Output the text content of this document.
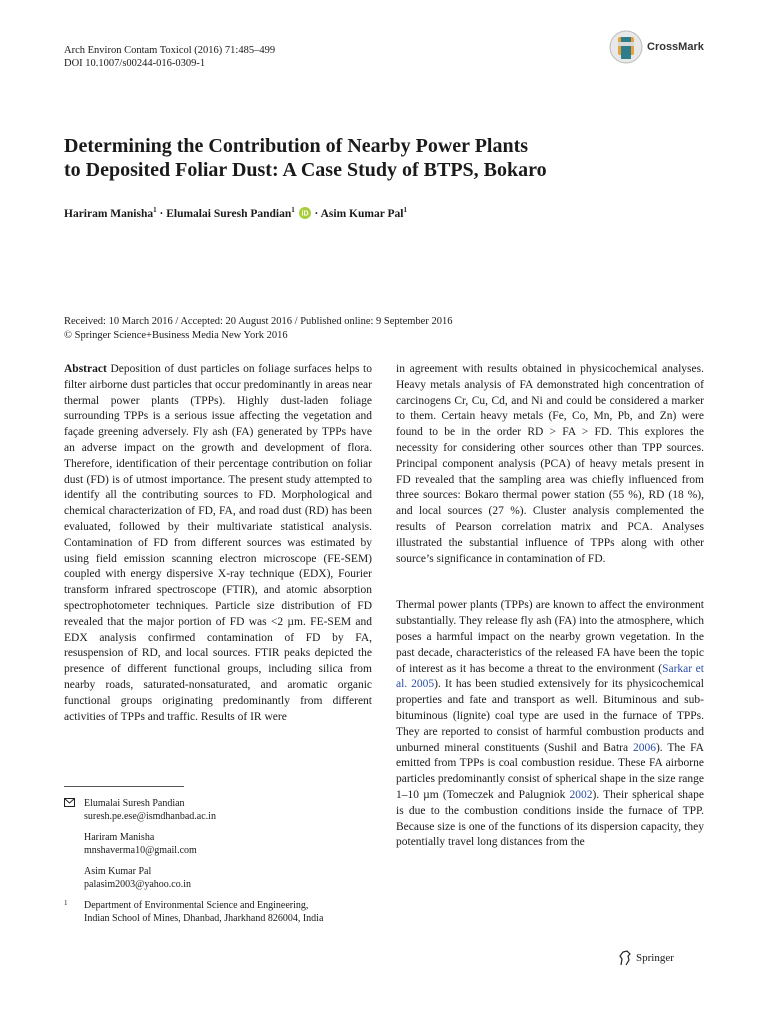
Arch Environ Contam Toxicol (2016) 71:485–499
DOI 10.1007/s00244-016-0309-1
CrossMark
Determining the Contribution of Nearby Power Plants
to Deposited Foliar Dust: A Case Study of BTPS, Bokaro
Hariram Manisha$^1$ · Elumalai Suresh Pandian$^1$ iD · Asim Kumar Pal$^1$
Received: 10 March 2016 / Accepted: 20 August 2016 / Published online: 9 September 2016
© Springer Science+Business Media New York 2016

Abstract Deposition of dust particles on foliage surfaces helps to filter airborne dust particles that occur predominantly in areas near thermal power plants (TPPs). Highly dust-laden foliage surrounding TPPs is a serious issue affecting the vegetation and façade greening adversely. Fly ash (FA) generated by TPPs have an adverse impact on the growth and development of flora. Therefore, identification of their percentage contribution on foliar dust (FD) is of utmost importance. The present study attempted to identify all the contributing sources to FD. Morphological and chemical characterization of FD, FA, and road dust (RD) has been evaluated, followed by their multivariate statistical analysis. Contamination of FD from different sources was estimated by using field emission scanning electron microscope (FE-SEM) coupled with energy dispersive X-ray technique (EDX), Fourier transform infrared spectroscope (FTIR), and atomic absorption spectrophotometer techniques. Particle size distribution of FD revealed that the major portion of FD was <2 µm. FE-SEM and EDX analysis confirmed contamination of FD by FA, resuspension of RD, and local sources. FTIR peaks depicted the presence of different functional groups, including silica from nearby roads, saturated-nonsaturated, and aromatic organic functional groups originating predominantly from different activities of TPPs and traffic. Results of IR were

in agreement with results obtained in physicochemical analyses. Heavy metals analysis of FA demonstrated high concentration of carcinogens Cr, Cu, Cd, and Ni and could be considered a marker to them. Certain heavy metals (Fe, Co, Mn, Pb, and Zn) were found to be in the order RD > FA > FD. This explores the necessity for considering other sources other than TPP sources. Principal component analysis (PCA) of heavy metals present in FD revealed that the sampling area was chiefly influenced from three sources: Bokaro thermal power station (55 %), RD (18 %), and local sources (27 %). Cluster analysis complemented the results of Pearson correlation matrix and PCA. Analyses illustrated the substantial influence of TPPs along with other source’s significance in contamination of FD.

Thermal power plants (TPPs) are known to affect the environment substantially. They release fly ash (FA) into the atmosphere, which poses a harmful impact on the nearby grown vegetation. In the past decade, characteristics of the released FA have been the topic of interest as it has become a threat to the environment (Sarkar et al. 2005). It has been studied extensively for its physicochemical properties and fate and transport as well. Bituminous and sub-bituminous (lignite) coal type are used in the furnace of TPPs. They are reported to consist of harmful combustion products and unburned mineral constituents (Sushil and Batra 2006). The FA emitted from TPPs is coal combustion residue. These FA airborne particles predominantly consist of spherical shape in the size range 1–10 µm (Tomeczek and Palugniok 2002). Their spherical shape is due to the combustion conditions inside the furnace of TPP. Because size is one of the functions of its dispersion capacity, they potentially travel long distances from the

Elumalai Suresh Pandian
suresh.pe.ese@ismdhanbad.ac.in
Hariram Manisha
mnshaverma10@gmail.com
Asim Kumar Pal
palasim2003@yahoo.co.in
1 Department of Environmental Science and Engineering,
Indian School of Mines, Dhanbad, Jharkhand 826004, India
Springer
